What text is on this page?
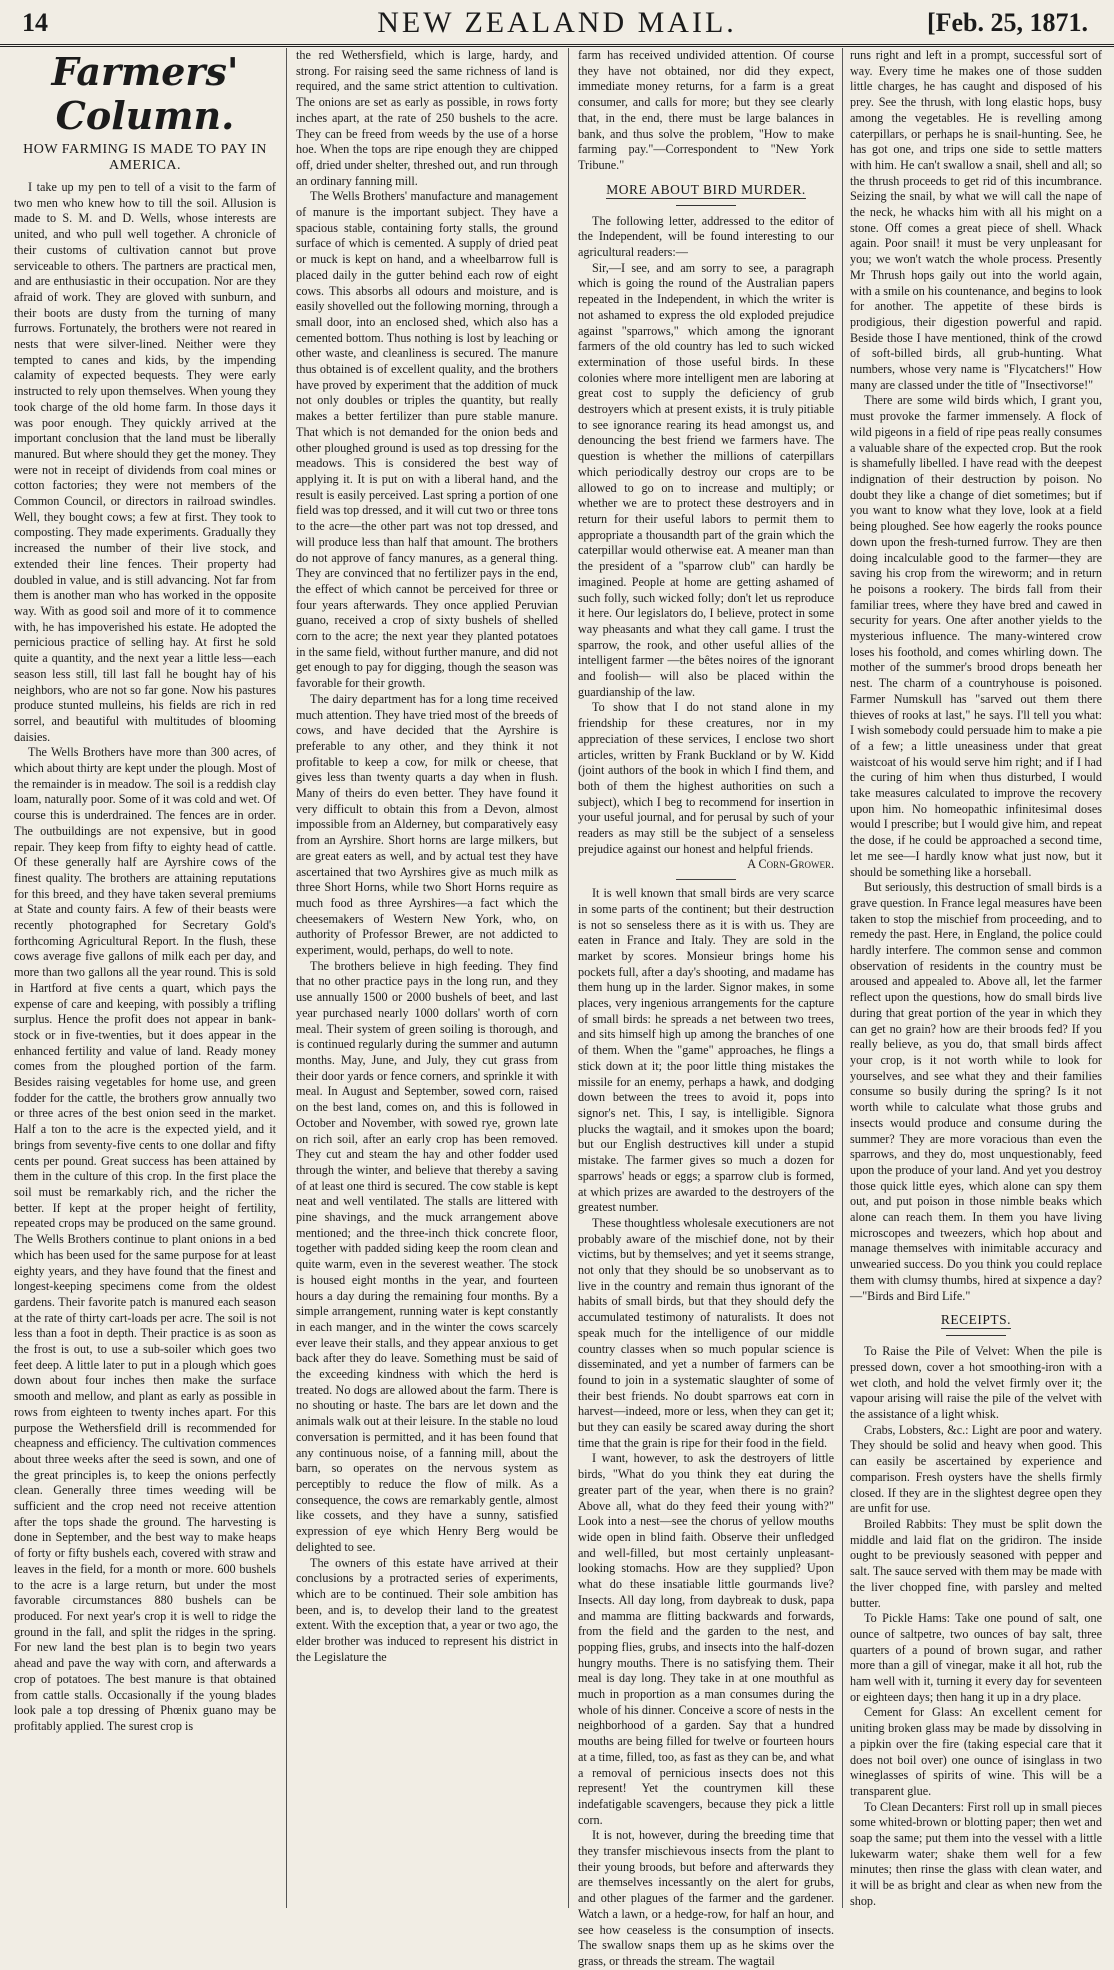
14	NEW ZEALAND MAIL.	[Feb. 25, 1871.
Farmers' Column.
HOW FARMING IS MADE TO PAY IN AMERICA.

I take up my pen to tell of a visit to the farm of two men who knew how to till the soil. Allusion is made to S. M. and D. Wells, whose interests are united, and who pull well together. A chronicle of their customs of cultivation cannot but prove serviceable to others. The partners are practical men, and are enthusiastic in their occupation. Nor are they afraid of work. They are gloved with sunburn, and their boots are dusty from the turning of many furrows. Fortunately, the brothers were not reared in nests that were silver-lined. Neither were they tempted to canes and kids, by the impending calamity of expected bequests. They were early instructed to rely upon themselves. When young they took charge of the old home farm. In those days it was poor enough. They quickly arrived at the important conclusion that the land must be liberally manured. But where should they get the money. They were not in receipt of dividends from coal mines or cotton factories; they were not members of the Common Council, or directors in railroad swindles. Well, they bought cows; a few at first. They took to composting. They made experiments. Gradually they increased the number of their live stock, and extended their line fences. Their property had doubled in value, and is still advancing. Not far from them is another man who has worked in the opposite way. With as good soil and more of it to commence with, he has impoverished his estate. He adopted the pernicious practice of selling hay. At first he sold quite a quantity, and the next year a little less—each season less still, till last fall he bought hay of his neighbors, who are not so far gone. Now his pastures produce stunted mulleins, his fields are rich in red sorrel, and beautiful with multitudes of blooming daisies.

The Wells Brothers have more than 300 acres, of which about thirty are kept under the plough. Most of the remainder is in meadow. The soil is a reddish clay loam, naturally poor. Some of it was cold and wet. Of course this is underdrained. The fences are in order. The outbuildings are not expensive, but in good repair. They keep from fifty to eighty head of cattle. Of these generally half are Ayrshire cows of the finest quality. The brothers are attaining reputations for this breed, and they have taken several premiums at State and county fairs. A few of their beasts were recently photographed for Secretary Gold's forthcoming Agricultural Report. In the flush, these cows average five gallons of milk each per day, and more than two gallons all the year round. This is sold in Hartford at five cents a quart, which pays the expense of care and keeping, with possibly a trifling surplus. Hence the profit does not appear in bank-stock or in five-twenties, but it does appear in the enhanced fertility and value of land. Ready money comes from the ploughed portion of the farm. Besides raising vegetables for home use, and green fodder for the cattle, the brothers grow annually two or three acres of the best onion seed in the market. Half a ton to the acre is the expected yield, and it brings from seventy-five cents to one dollar and fifty cents per pound. Great success has been attained by them in the culture of this crop. In the first place the soil must be remarkably rich, and the richer the better. If kept at the proper height of fertility, repeated crops may be produced on the same ground. The Wells Brothers continue to plant onions in a bed which has been used for the same purpose for at least eighty years, and they have found that the finest and longest-keeping specimens come from the oldest gardens. Their favorite patch is manured each season at the rate of thirty cart-loads per acre. The soil is not less than a foot in depth. Their practice is as soon as the frost is out, to use a sub-soiler which goes two feet deep. A little later to put in a plough which goes down about four inches then make the surface smooth and mellow, and plant as early as possible in rows from eighteen to twenty inches apart. For this purpose the Wethersfield drill is recommended for cheapness and efficiency. The cultivation commences about three weeks after the seed is sown, and one of the great principles is, to keep the onions perfectly clean. Generally three times weeding will be sufficient and the crop need not receive attention after the tops shade the ground. The harvesting is done in September, and the best way to make heaps of forty or fifty bushels each, covered with straw and leaves in the field, for a month or more. 600 bushels to the acre is a large return, but under the most favorable circumstances 880 bushels can be produced. For next year's crop it is well to ridge the ground in the fall, and split the ridges in the spring. For new land the best plan is to begin two years ahead and pave the way with corn, and afterwards a crop of potatoes. The best manure is that obtained from cattle stalls. Occasionally if the young blades look pale a top dressing of Phœnix guano may be profitably applied. The surest crop is

the red Wethersfield, which is large, hardy, and strong. For raising seed the same richness of land is required, and the same strict attention to cultivation. The onions are set as early as possible, in rows forty inches apart, at the rate of 250 bushels to the acre. They can be freed from weeds by the use of a horse hoe. When the tops are ripe enough they are chipped off, dried under shelter, threshed out, and run through an ordinary fanning mill.

The Wells Brothers' manufacture and management of manure is the important subject. They have a spacious stable, containing forty stalls, the ground surface of which is cemented. A supply of dried peat or muck is kept on hand, and a wheelbarrow full is placed daily in the gutter behind each row of eight cows. This absorbs all odours and moisture, and is easily shovelled out the following morning, through a small door, into an enclosed shed, which also has a cemented bottom. Thus nothing is lost by leaching or other waste, and cleanliness is secured. The manure thus obtained is of excellent quality, and the brothers have proved by experiment that the addition of muck not only doubles or triples the quantity, but really makes a better fertilizer than pure stable manure. That which is not demanded for the onion beds and other ploughed ground is used as top dressing for the meadows. This is considered the best way of applying it. It is put on with a liberal hand, and the result is easily perceived. Last spring a portion of one field was top dressed, and it will cut two or three tons to the acre—the other part was not top dressed, and will produce less than half that amount. The brothers do not approve of fancy manures, as a general thing. They are convinced that no fertilizer pays in the end, the effect of which cannot be perceived for three or four years afterwards. They once applied Peruvian guano, received a crop of sixty bushels of shelled corn to the acre; the next year they planted potatoes in the same field, without further manure, and did not get enough to pay for digging, though the season was favorable for their growth.

The dairy department has for a long time received much attention. They have tried most of the breeds of cows, and have decided that the Ayrshire is preferable to any other, and they think it not profitable to keep a cow, for milk or cheese, that gives less than twenty quarts a day when in flush. Many of theirs do even better. They have found it very difficult to obtain this from a Devon, almost impossible from an Alderney, but comparatively easy from an Ayrshire. Short horns are large milkers, but are great eaters as well, and by actual test they have ascertained that two Ayrshires give as much milk as three Short Horns, while two Short Horns require as much food as three Ayrshires—a fact which the cheesemakers of Western New York, who, on authority of Professor Brewer, are not addicted to experiment, would, perhaps, do well to note.

The brothers believe in high feeding. They find that no other practice pays in the long run, and they use annually 1500 or 2000 bushels of beet, and last year purchased nearly 1000 dollars' worth of corn meal. Their system of green soiling is thorough, and is continued regularly during the summer and autumn months. May, June, and July, they cut grass from their door yards or fence corners, and sprinkle it with meal. In August and September, sowed corn, raised on the best land, comes on, and this is followed in October and November, with sowed rye, grown late on rich soil, after an early crop has been removed. They cut and steam the hay and other fodder used through the winter, and believe that thereby a saving of at least one third is secured. The cow stable is kept neat and well ventilated. The stalls are littered with pine shavings, and the muck arrangement above mentioned; and the three-inch thick concrete floor, together with padded siding keep the room clean and quite warm, even in the severest weather. The stock is housed eight months in the year, and fourteen hours a day during the remaining four months. By a simple arrangement, running water is kept constantly in each manger, and in the winter the cows scarcely ever leave their stalls, and they appear anxious to get back after they do leave. Something must be said of the exceeding kindness with which the herd is treated. No dogs are allowed about the farm. There is no shouting or haste. The bars are let down and the animals walk out at their leisure. In the stable no loud conversation is permitted, and it has been found that any continuous noise, of a fanning mill, about the barn, so operates on the nervous system as perceptibly to reduce the flow of milk. As a consequence, the cows are remarkably gentle, almost like cossets, and they have a sunny, satisfied expression of eye which Henry Berg would be delighted to see.

The owners of this estate have arrived at their conclusions by a protracted series of experiments, which are to be continued. Their sole ambition has been, and is, to develop their land to the greatest extent. With the exception that, a year or two ago, the elder brother was induced to represent his district in the Legislature the

farm has received undivided attention. Of course they have not obtained, nor did they expect, immediate money returns, for a farm is a great consumer, and calls for more; but they see clearly that, in the end, there must be large balances in bank, and thus solve the problem, "How to make farming pay."—Correspondent to "New York Tribune."

MORE ABOUT BIRD MURDER.

The following letter, addressed to the editor of the Independent, will be found interesting to our agricultural readers:—

Sir,—I see, and am sorry to see, a paragraph which is going the round of the Australian papers repeated in the Independent, in which the writer is not ashamed to express the old exploded prejudice against "sparrows," which among the ignorant farmers of the old country has led to such wicked extermination of those useful birds. In these colonies where more intelligent men are laboring at great cost to supply the deficiency of grub destroyers which at present exists, it is truly pitiable to see ignorance rearing its head amongst us, and denouncing the best friend we farmers have. The question is whether the millions of caterpillars which periodically destroy our crops are to be allowed to go on to increase and multiply; or whether we are to protect these destroyers and in return for their useful labors to permit them to appropriate a thousandth part of the grain which the caterpillar would otherwise eat. A meaner man than the president of a "sparrow club" can hardly be imagined. People at home are getting ashamed of such folly, such wicked folly; don't let us reproduce it here. Our legislators do, I believe, protect in some way pheasants and what they call game. I trust the sparrow, the rook, and other useful allies of the intelligent farmer —the bêtes noires of the ignorant and foolish— will also be placed within the guardianship of the law.

To show that I do not stand alone in my friendship for these creatures, nor in my appreciation of these services, I enclose two short articles, written by Frank Buckland or by W. Kidd (joint authors of the book in which I find them, and both of them the highest authorities on such a subject), which I beg to recommend for insertion in your useful journal, and for perusal by such of your readers as may still be the subject of a senseless prejudice against our honest and helpful friends.

A Corn-Grower.

It is well known that small birds are very scarce in some parts of the continent; but their destruction is not so senseless there as it is with us. They are eaten in France and Italy. They are sold in the market by scores. Monsieur brings home his pockets full, after a day's shooting, and madame has them hung up in the larder. Signor makes, in some places, very ingenious arrangements for the capture of small birds: he spreads a net between two trees, and sits himself high up among the branches of one of them. When the "game" approaches, he flings a stick down at it; the poor little thing mistakes the missile for an enemy, perhaps a hawk, and dodging down between the trees to avoid it, pops into signor's net. This, I say, is intelligible. Signora plucks the wagtail, and it smokes upon the board; but our English destructives kill under a stupid mistake. The farmer gives so much a dozen for sparrows' heads or eggs; a sparrow club is formed, at which prizes are awarded to the destroyers of the greatest number.

These thoughtless wholesale executioners are not probably aware of the mischief done, not by their victims, but by themselves; and yet it seems strange, not only that they should be so unobservant as to live in the country and remain thus ignorant of the habits of small birds, but that they should defy the accumulated testimony of naturalists. It does not speak much for the intelligence of our middle country classes when so much popular science is disseminated, and yet a number of farmers can be found to join in a systematic slaughter of some of their best friends. No doubt sparrows eat corn in harvest—indeed, more or less, when they can get it; but they can easily be scared away during the short time that the grain is ripe for their food in the field.

I want, however, to ask the destroyers of little birds, "What do you think they eat during the greater part of the year, when there is no grain? Above all, what do they feed their young with?" Look into a nest—see the chorus of yellow mouths wide open in blind faith. Observe their unfledged and well-filled, but most certainly unpleasant-looking stomachs. How are they supplied? Upon what do these insatiable little gourmands live? Insects. All day long, from daybreak to dusk, papa and mamma are flitting backwards and forwards, from the field and the garden to the nest, and popping flies, grubs, and insects into the half-dozen hungry mouths. There is no satisfying them. Their meal is day long. They take in at one mouthful as much in proportion as a man consumes during the whole of his dinner. Conceive a score of nests in the neighborhood of a garden. Say that a hundred mouths are being filled for twelve or fourteen hours at a time, filled, too, as fast as they can be, and what a removal of pernicious insects does not this represent! Yet the countrymen kill these indefatigable scavengers, because they pick a little corn.

It is not, however, during the breeding time that they transfer mischievous insects from the plant to their young broods, but before and afterwards they are themselves incessantly on the alert for grubs, and other plagues of the farmer and the gardener. Watch a lawn, or a hedge-row, for half an hour, and see how ceaseless is the consumption of insects. The swallow snaps them up as he skims over the grass, or threads the stream. The wagtail

runs right and left in a prompt, successful sort of way. Every time he makes one of those sudden little charges, he has caught and disposed of his prey. See the thrush, with long elastic hops, busy among the vegetables. He is revelling among caterpillars, or perhaps he is snail-hunting. See, he has got one, and trips one side to settle matters with him. He can't swallow a snail, shell and all; so the thrush proceeds to get rid of this incumbrance. Seizing the snail, by what we will call the nape of the neck, he whacks him with all his might on a stone. Off comes a great piece of shell. Whack again. Poor snail! it must be very unpleasant for you; we won't watch the whole process. Presently Mr Thrush hops gaily out into the world again, with a smile on his countenance, and begins to look for another. The appetite of these birds is prodigious, their digestion powerful and rapid. Beside those I have mentioned, think of the crowd of soft-billed birds, all grub-hunting. What numbers, whose very name is "Flycatchers!" How many are classed under the title of "Insectivorse!"

There are some wild birds which, I grant you, must provoke the farmer immensely. A flock of wild pigeons in a field of ripe peas really consumes a valuable share of the expected crop. But the rook is shamefully libelled. I have read with the deepest indignation of their destruction by poison. No doubt they like a change of diet sometimes; but if you want to know what they love, look at a field being ploughed. See how eagerly the rooks pounce down upon the fresh-turned furrow. They are then doing incalculable good to the farmer—they are saving his crop from the wireworm; and in return he poisons a rookery. The birds fall from their familiar trees, where they have bred and cawed in security for years. One after another yields to the mysterious influence. The many-wintered crow loses his foothold, and comes whirling down. The mother of the summer's brood drops beneath her nest. The charm of a countryhouse is poisoned. Farmer Numskull has "sarved out them there thieves of rooks at last," he says. I'll tell you what: I wish somebody could persuade him to make a pie of a few; a little uneasiness under that great waistcoat of his would serve him right; and if I had the curing of him when thus disturbed, I would take measures calculated to improve the recovery upon him. No homeopathic infinitesimal doses would I prescribe; but I would give him, and repeat the dose, if he could be approached a second time, let me see—I hardly know what just now, but it should be something like a horseball.

But seriously, this destruction of small birds is a grave question. In France legal measures have been taken to stop the mischief from proceeding, and to remedy the past. Here, in England, the police could hardly interfere. The common sense and common observation of residents in the country must be aroused and appealed to. Above all, let the farmer reflect upon the questions, how do small birds live during that great portion of the year in which they can get no grain? how are their broods fed? If you really believe, as you do, that small birds affect your crop, is it not worth while to look for yourselves, and see what they and their families consume so busily during the spring? Is it not worth while to calculate what those grubs and insects would produce and consume during the summer? They are more voracious than even the sparrows, and they do, most unquestionably, feed upon the produce of your land. And yet you destroy those quick little eyes, which alone can spy them out, and put poison in those nimble beaks which alone can reach them. In them you have living microscopes and tweezers, which hop about and manage themselves with inimitable accuracy and unwearied success. Do you think you could replace them with clumsy thumbs, hired at sixpence a day?—"Birds and Bird Life."

RECEIPTS.

To Raise the Pile of Velvet: When the pile is pressed down, cover a hot smoothing-iron with a wet cloth, and hold the velvet firmly over it; the vapour arising will raise the pile of the velvet with the assistance of a light whisk.

Crabs, Lobsters, &c.: Light are poor and watery. They should be solid and heavy when good. This can easily be ascertained by experience and comparison. Fresh oysters have the shells firmly closed. If they are in the slightest degree open they are unfit for use.

Broiled Rabbits: They must be split down the middle and laid flat on the gridiron. The inside ought to be previously seasoned with pepper and salt. The sauce served with them may be made with the liver chopped fine, with parsley and melted butter.

To Pickle Hams: Take one pound of salt, one ounce of saltpetre, two ounces of bay salt, three quarters of a pound of brown sugar, and rather more than a gill of vinegar, make it all hot, rub the ham well with it, turning it every day for seventeen or eighteen days; then hang it up in a dry place.

Cement for Glass: An excellent cement for uniting broken glass may be made by dissolving in a pipkin over the fire (taking especial care that it does not boil over) one ounce of isinglass in two wineglasses of spirits of wine. This will be a transparent glue.

To Clean Decanters: First roll up in small pieces some whited-brown or blotting paper; then wet and soap the same; put them into the vessel with a little lukewarm water; shake them well for a few minutes; then rinse the glass with clean water, and it will be as bright and clear as when new from the shop.
